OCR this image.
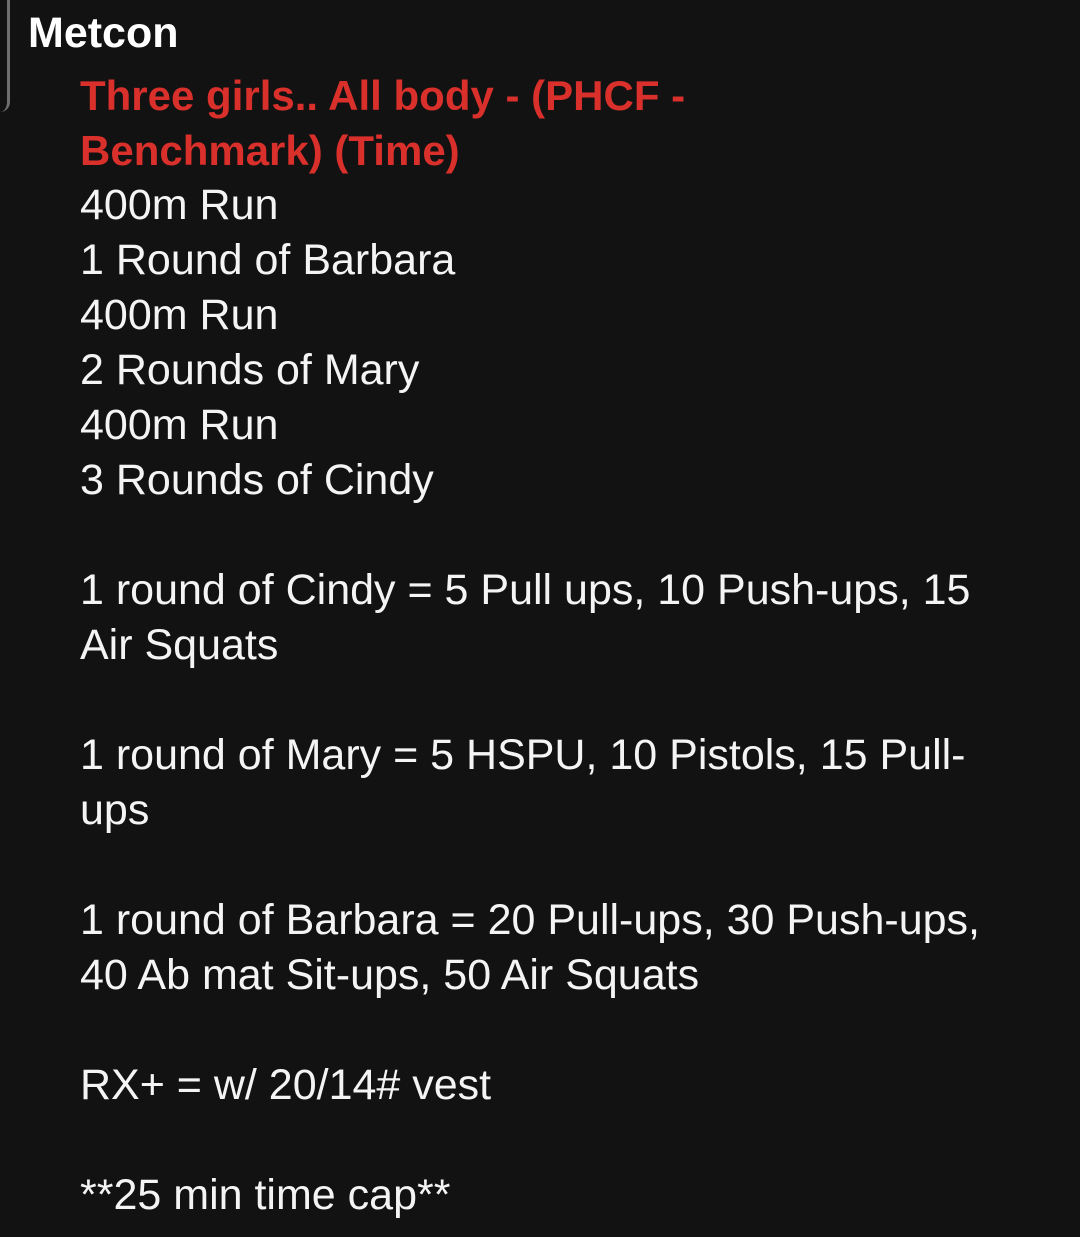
Metcon

Three girls.. All body - (PHCF -

Benchmark) (Time)

400m Run

1 Round of Barbara

400m Run

2 Rounds of Mary

400m Run

3 Rounds of Cindy

1 round of Cindy = 5 Pull ups, 10 Push-ups, 15

Air Squats

1 round of Mary = 5 HSPU, 10 Pistols, 15 Pull-

ups

1 round of Barbara = 20 Pull-ups, 30 Push-ups,

40 Ab mat Sit-ups, 50 Air Squats

RX+ = w/ 20/14# vest

**25 min time cap**
